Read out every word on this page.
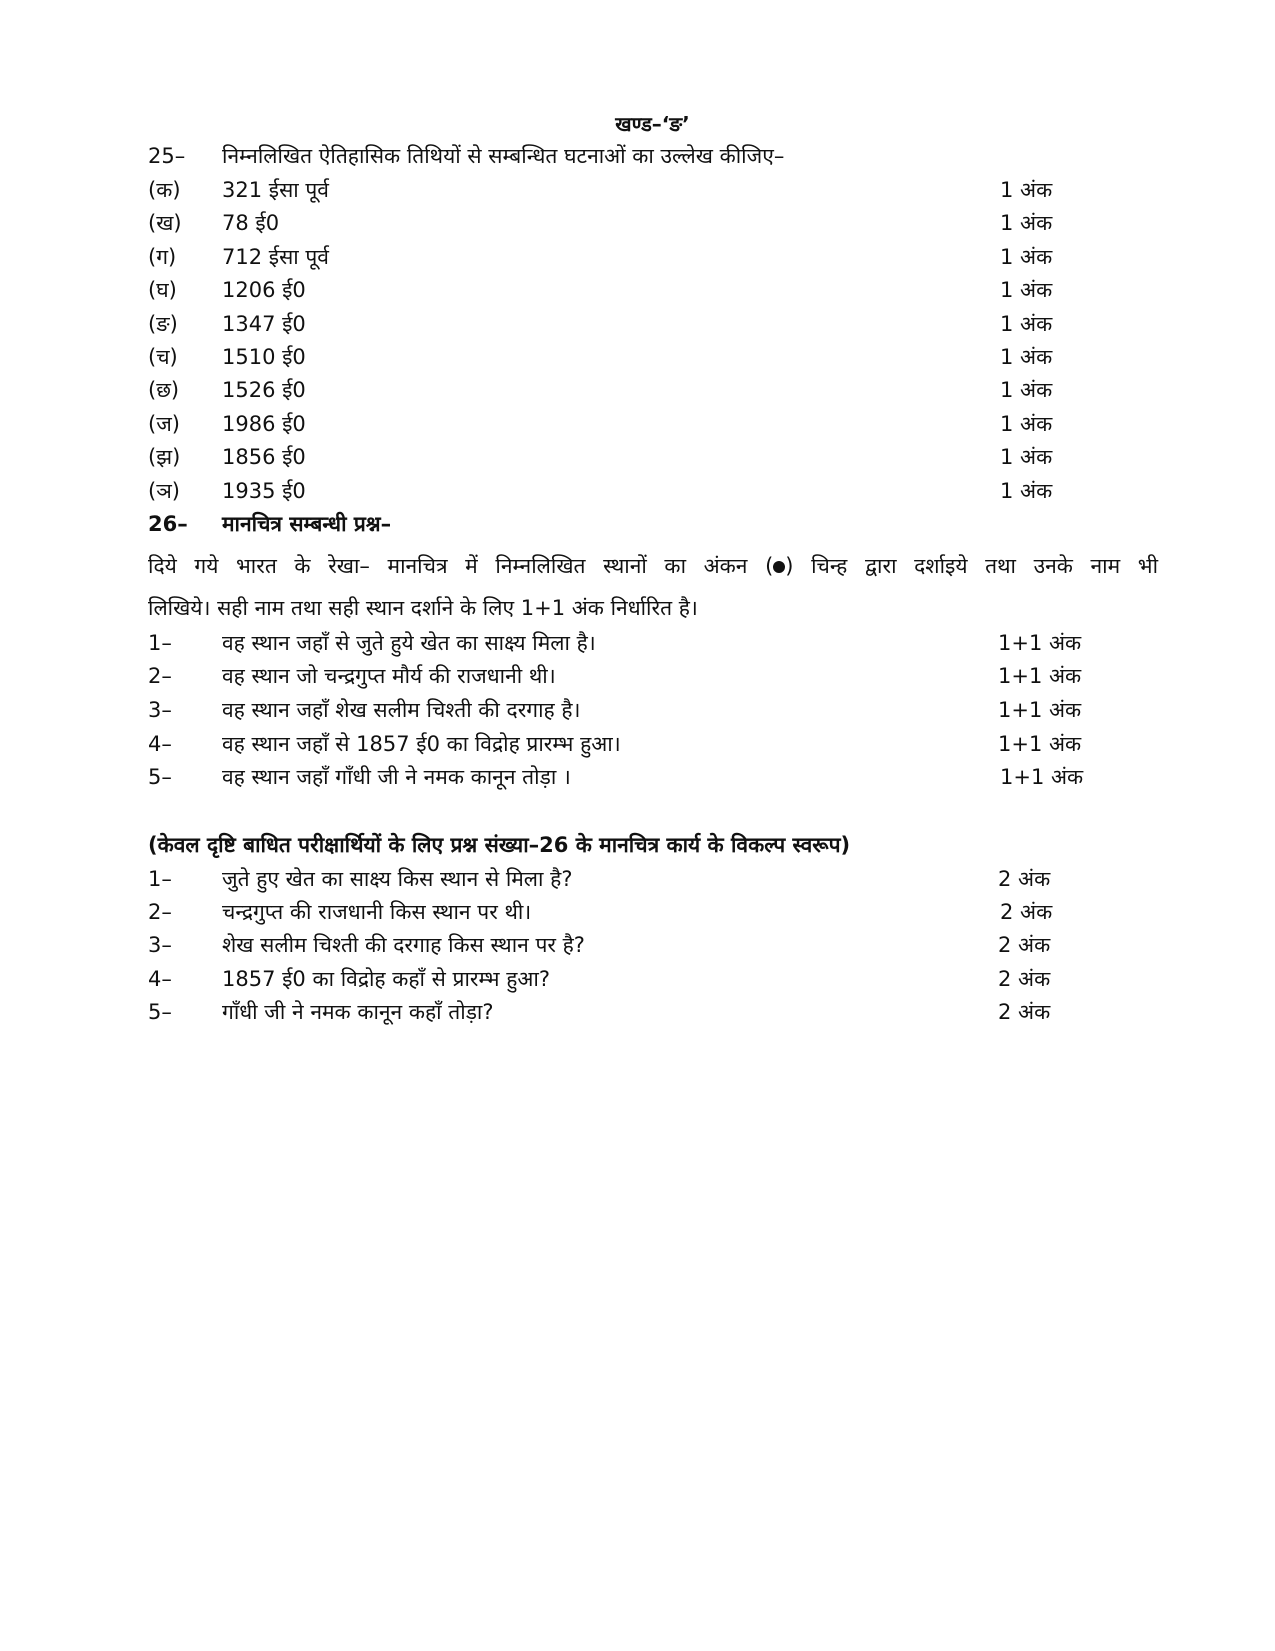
खण्ड–‘ङ’
25– निम्नलिखित ऐतिहासिक तिथियों से सम्बन्धित घटनाओं का उल्लेख कीजिए–
(क) 321 ईसा पूर्व	1 अंक
(ख) 78 ई0	1 अंक
(ग) 712 ईसा पूर्व	1 अंक
(घ) 1206 ई0	1 अंक
(ङ) 1347 ई0	1 अंक
(च) 1510 ई0	1 अंक
(छ) 1526 ई0	1 अंक
(ज) 1986 ई0	1 अंक
(झ) 1856 ई0	1 अंक
(ञ) 1935 ई0	1 अंक
26– मानचित्र सम्बन्धी प्रश्न–
दिये गये भारत के रेखा– मानचित्र में निम्नलिखित स्थानों का अंकन ( ) चिन्ह द्वारा दर्शाइये तथा उनके नाम भी
लिखिये। सही नाम तथा सही स्थान दर्शाने के लिए 1+1 अंक निर्धारित है।
1– वह स्थान जहाँ से जुते हुये खेत का साक्ष्य मिला है।	1+1 अंक
2– वह स्थान जो चन्द्रगुप्त मौर्य की राजधानी थी।	1+1 अंक
3– वह स्थान जहाँ शेख सलीम चिश्ती की दरगाह है।	1+1 अंक
4– वह स्थान जहाँ से 1857 ई0 का विद्रोह प्रारम्भ हुआ।	1+1 अंक
5– वह स्थान जहाँ गाँधी जी ने नमक कानून तोड़ा ।	1+1 अंक
(केवल दृष्टि बाधित परीक्षार्थियों के लिए प्रश्न संख्या–26 के मानचित्र कार्य के विकल्प स्वरूप)
1– जुते हुए खेत का साक्ष्य किस स्थान से मिला है?	2 अंक
2– चन्द्रगुप्त की राजधानी किस स्थान पर थी।	2 अंक
3– शेख सलीम चिश्ती की दरगाह किस स्थान पर है?	2 अंक
4– 1857 ई0 का विद्रोह कहाँ से प्रारम्भ हुआ?	2 अंक
5– गाँधी जी ने नमक कानून कहाँ तोड़ा?	2 अंक
